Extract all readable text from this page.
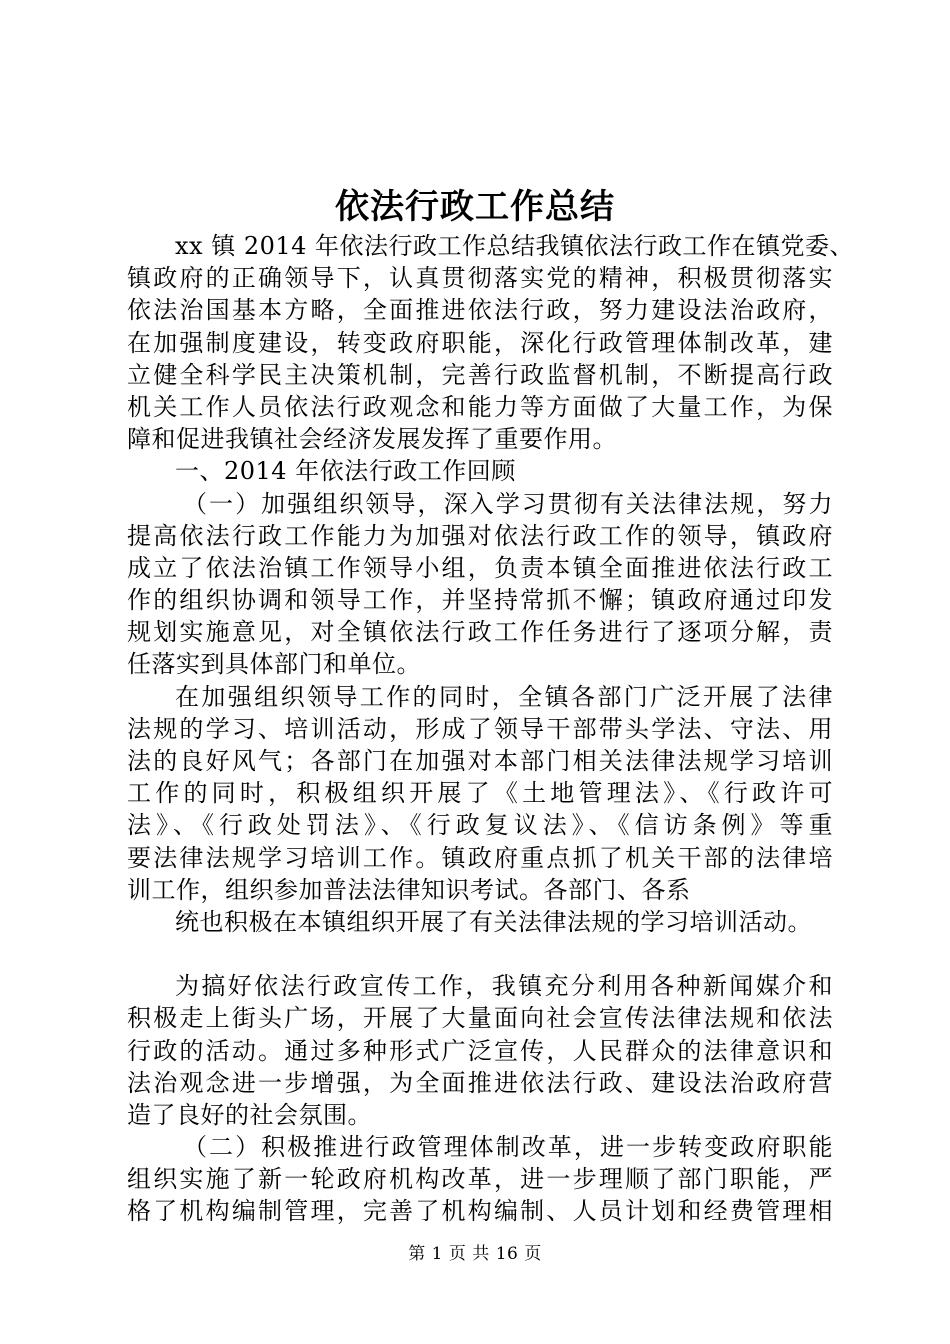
依法行政工作总结
xx 镇 2014 年依法行政工作总结我镇依法行政工作在镇党委、
镇政府的正确领导下，认真贯彻落实党的精神，积极贯彻落实
依法治国基本方略，全面推进依法行政，努力建设法治政府，
在加强制度建设，转变政府职能，深化行政管理体制改革，建
立健全科学民主决策机制，完善行政监督机制，不断提高行政
机关工作人员依法行政观念和能力等方面做了大量工作，为保
障和促进我镇社会经济发展发挥了重要作用。
一、2014 年依法行政工作回顾
（一）加强组织领导，深入学习贯彻有关法律法规，努力
提高依法行政工作能力为加强对依法行政工作的领导，镇政府
成立了依法治镇工作领导小组，负责本镇全面推进依法行政工
作的组织协调和领导工作，并坚持常抓不懈；镇政府通过印发
规划实施意见，对全镇依法行政工作任务进行了逐项分解，责
任落实到具体部门和单位。
在加强组织领导工作的同时，全镇各部门广泛开展了法律
法规的学习、培训活动，形成了领导干部带头学法、守法、用
法的良好风气；各部门在加强对本部门相关法律法规学习培训
工作的同时，积极组织开展了《土地管理法》、《行政许可
法》、《行政处罚法》、《行政复议法》、《信访条例》等重
要法律法规学习培训工作。镇政府重点抓了机关干部的法律培
训工作，组织参加普法法律知识考试。各部门、各系
统也积极在本镇组织开展了有关法律法规的学习培训活动。
为搞好依法行政宣传工作，我镇充分利用各种新闻媒介和
积极走上街头广场，开展了大量面向社会宣传法律法规和依法
行政的活动。通过多种形式广泛宣传，人民群众的法律意识和
法治观念进一步增强，为全面推进依法行政、建设法治政府营
造了良好的社会氛围。
（二）积极推进行政管理体制改革，进一步转变政府职能
组织实施了新一轮政府机构改革，进一步理顺了部门职能，严
格了机构编制管理，完善了机构编制、人员计划和经费管理相
第 1 页 共 16 页
